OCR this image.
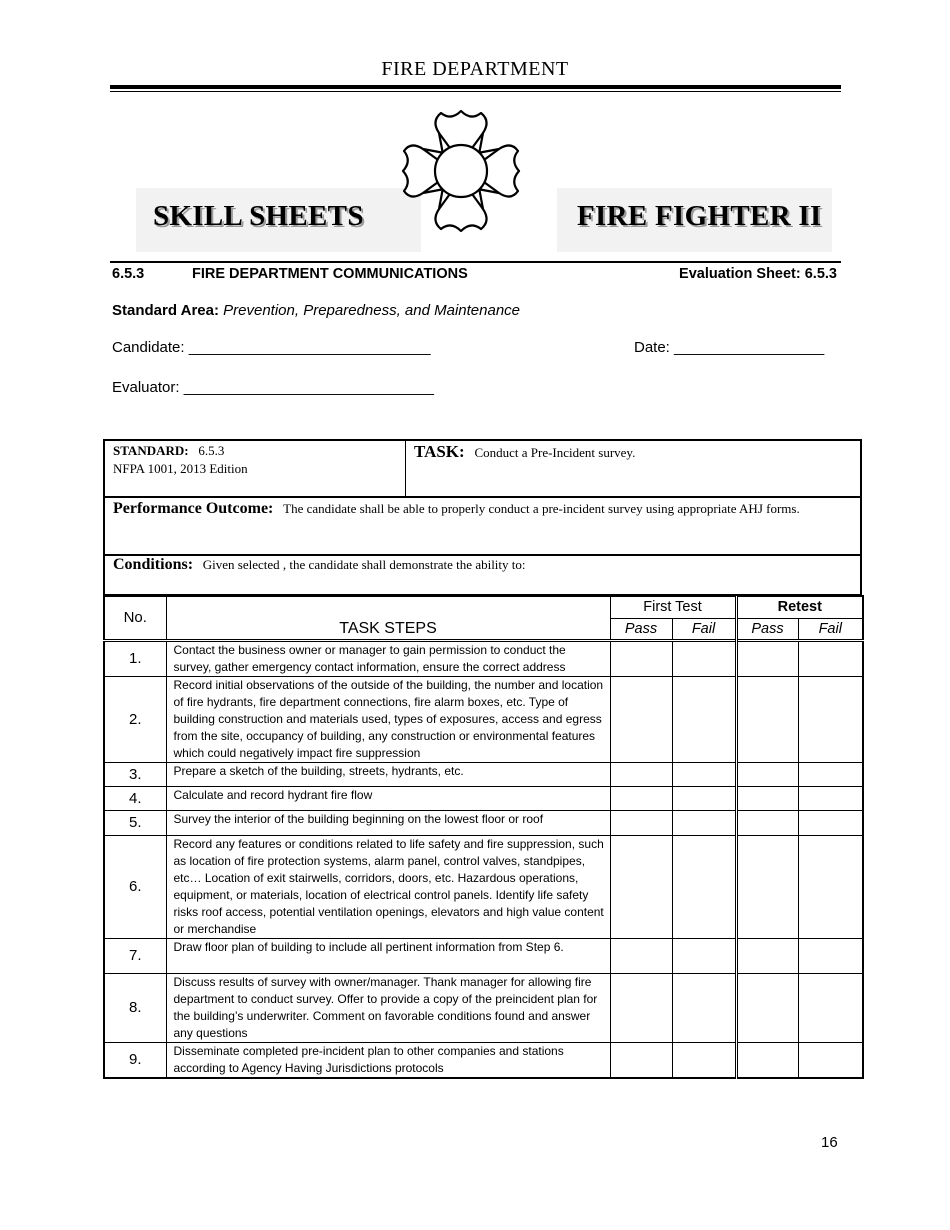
FIRE DEPARTMENT
SKILL SHEETS	FIRE FIGHTER II
6.5.3	FIRE DEPARTMENT COMMUNICATIONS	Evaluation Sheet: 6.5.3
Standard Area: Prevention, Preparedness, and Maintenance
Candidate: _____________________________	Date: __________________
Evaluator: ______________________________
STANDARD: 6.5.3
NFPA 1001, 2013 Edition
TASK: Conduct a Pre-Incident survey.
Performance Outcome: The candidate shall be able to properly conduct a pre-incident survey using appropriate AHJ forms.
Conditions: Given selected , the candidate shall demonstrate the ability to:
No.	TASK STEPS	First Test		Retest	
		Pass	Fail	Pass	Fail
1.	Contact the business owner or manager to gain permission to conduct the survey, gather emergency contact information, ensure the correct address				
2.	Record initial observations of the outside of the building, the number and location of fire hydrants, fire department connections, fire alarm boxes, etc. Type of building construction and materials used, types of exposures, access and egress from the site, occupancy of building, any construction or environmental features which could negatively impact fire suppression				
3.	Prepare a sketch of the building, streets, hydrants, etc.				
4.	Calculate and record hydrant fire flow				
5.	Survey the interior of the building beginning on the lowest floor or roof				
6.	Record any features or conditions related to life safety and fire suppression, such as location of fire protection systems, alarm panel, control valves, standpipes, etc… Location of exit stairwells, corridors, doors, etc. Hazardous operations, equipment, or materials, location of electrical control panels. Identify life safety risks roof access, potential ventilation openings, elevators and high value content or merchandise				
7.	Draw floor plan of building to include all pertinent information from Step 6.				
8.	Discuss results of survey with owner/manager. Thank manager for allowing fire department to conduct survey. Offer to provide a copy of the preincident plan for the building’s underwriter. Comment on favorable conditions found and answer any questions				
9.	Disseminate completed pre-incident plan to other companies and stations according to Agency Having Jurisdictions protocols				
16
